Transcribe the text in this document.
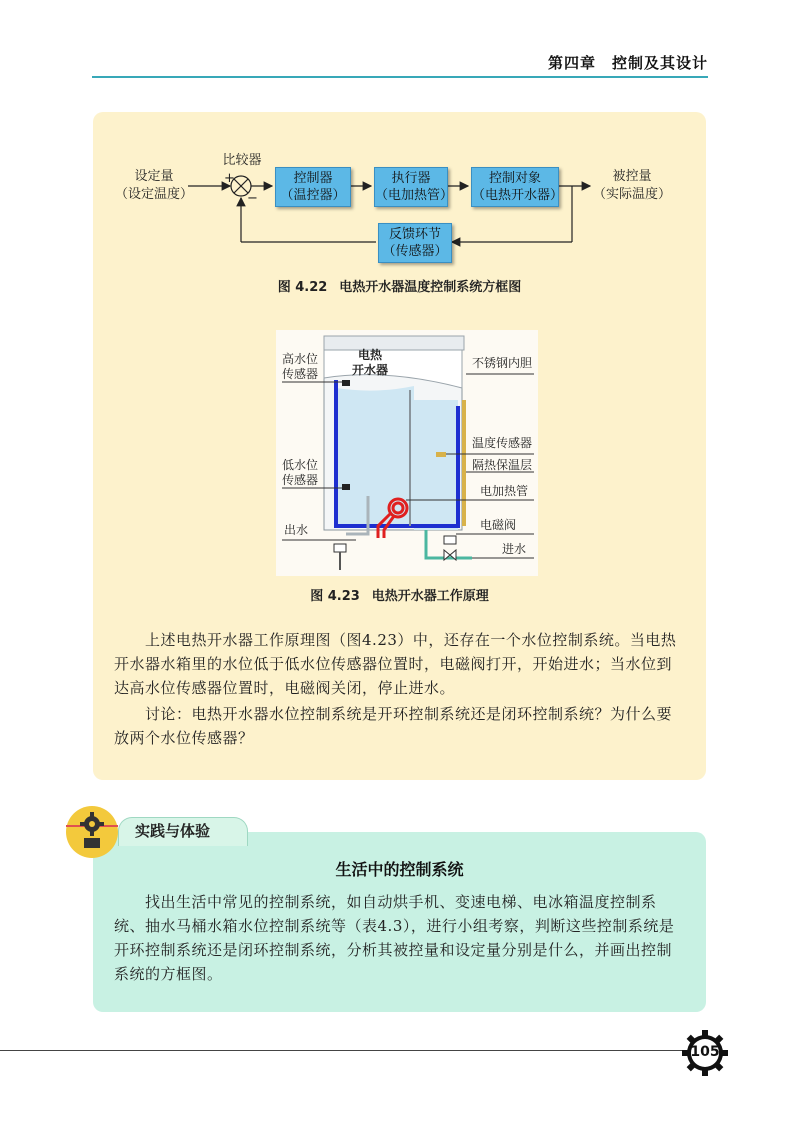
第四章　控制及其设计
设定量
（设定温度）
比较器
+
−
控制器
（温控器）
执行器
（电加热管）
控制对象
（电热开水器）
反馈环节
（传感器）
被控量
（实际温度）
图 4.22 电热开水器温度控制系统方框图
电热
开水器
高水位
传感器
低水位
传感器
出水
不锈钢内胆
温度传感器
隔热保温层
电加热管
电磁阀
进水
图 4.23 电热开水器工作原理
　　上述电热开水器工作原理图（图4.23）中，还存在一个水位控制系统。当电热开水器水箱里的水位低于低水位传感器位置时，电磁阀打开，开始进水；当水位到达高水位传感器位置时，电磁阀关闭，停止进水。
　　讨论：电热开水器水位控制系统是开环控制系统还是闭环控制系统？为什么要放两个水位传感器？
实践与体验
生活中的控制系统
　　找出生活中常见的控制系统，如自动烘手机、变速电梯、电冰箱温度控制系统、抽水马桶水箱水位控制系统等（表4.3），进行小组考察，判断这些控制系统是开环控制系统还是闭环控制系统，分析其被控量和设定量分别是什么，并画出控制系统的方框图。
105
